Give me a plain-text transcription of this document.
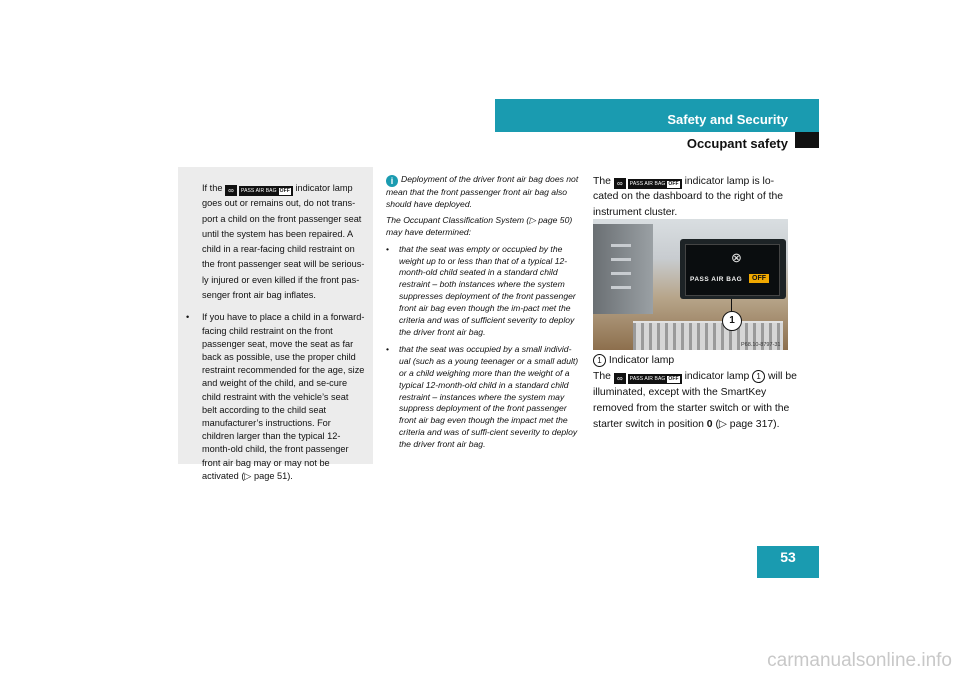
Safety and Security
Occupant safety

If the ∞	PASS AIR BAG OFF indicator lamp goes out or remains out, do not trans-port a child on the front passenger seat until the system has been repaired. A child in a rear-facing child restraint on the front passenger seat will be serious-ly injured or even killed if the front pas-senger front air bag inflates.

• If you have to place a child in a forward-facing child restraint on the front passenger seat, move the seat as far back as possible, use the proper child restraint recommended for the age, size and weight of the child, and se-cure child restraint with the vehicle’s seat belt according to the child seat manufacturer’s instructions. For children larger than the typical 12-month-old child, the front passenger front air bag may or may not be activated (▷ page 51).

i Deployment of the driver front air bag does not mean that the front passenger front air bag also should have deployed.

The Occupant Classification System (▷ page 50) may have determined:

• that the seat was empty or occupied by the weight up to or less than that of a typical 12-month-old child seated in a standard child restraint – both instances where the system suppresses deployment of the front passenger front air bag even though the im-pact met the criteria and was of sufficient severity to deploy the driver front air bag.

• that the seat was occupied by a small individ-ual (such as a young teenager or a small adult) or a child weighing more than the weight of a typical 12-month-old child in a standard child restraint – instances where the system may suppress deployment of the front passenger front air bag even though the impact met the criteria and was of suffi-cient severity to deploy the driver front air bag.

The ∞	PASS AIR BAG OFF indicator lamp is lo-cated on the dashboard to the right of the instrument cluster.

⊗
PASS AIR BAG	OFF
1
P68.10-8797-31

1 Indicator lamp

The ∞	PASS AIR BAG OFF indicator lamp 1 will be illuminated, except with the SmartKey removed from the starter switch or with the starter switch in position 0 (▷ page 317).

53
carmanualsonline.info
